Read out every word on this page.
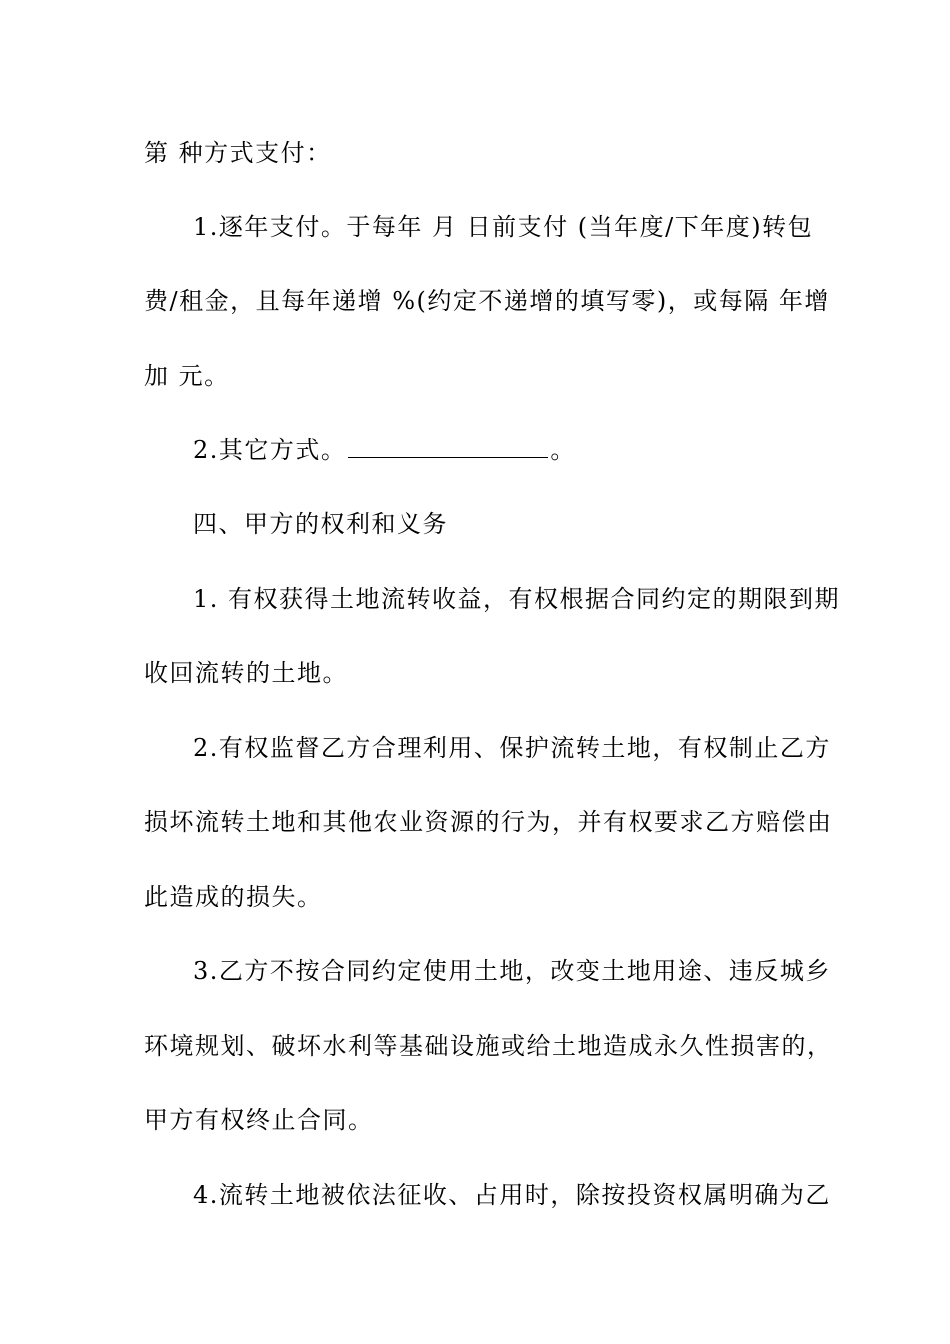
第 种方式支付：
1.逐年支付。于每年 月 日前支付 (当年度/下年度)转包
费/租金，且每年递增 %(约定不递增的填写零)，或每隔 年增
加 元。
2.其它方式。	。
四、甲方的权利和义务
1. 有权获得土地流转收益，有权根据合同约定的期限到期
收回流转的土地。
2.有权监督乙方合理利用、保护流转土地，有权制止乙方
损坏流转土地和其他农业资源的行为，并有权要求乙方赔偿由
此造成的损失。
3.乙方不按合同约定使用土地，改变土地用途、违反城乡
环境规划、破坏水利等基础设施或给土地造成永久性损害的，
甲方有权终止合同。
4.流转土地被依法征收、占用时，除按投资权属明确为乙
